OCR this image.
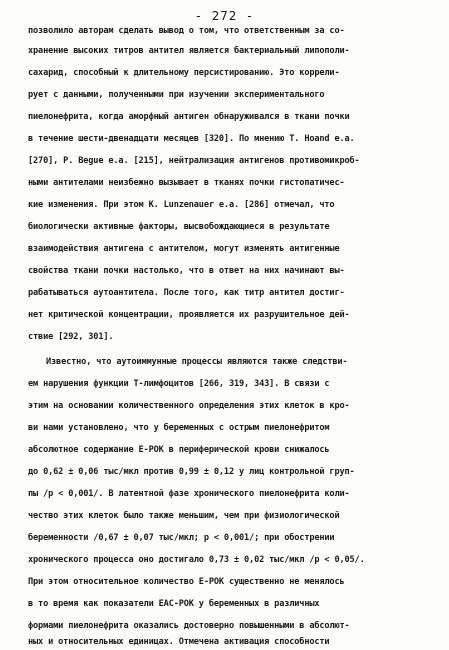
- 272 -
позволило авторам сделать вывод о том, что ответственным за со-
хранение высоких титров антител является бактериальный липополи-
сахарид, способный к длительному персистированию. Это коррели-
рует с данными, полученными при изучении экспериментального
пиелонефрита, когда аморфный антиген обнаруживался в ткани почки
в течение шести-двенадцати месяцев [320]. По мнению T. Hoand e.a.
[270], P. Begue e.a. [215], нейтрализация антигенов противомикроб-
ными антителами неизбежно вызывает в тканях почки гистопатичес-
кие изменения. При этом K. Lunzenauer e.a. [286] отмечал, что
биологически активные факторы, высвобождающиеся в результате
взаимодействия антигена с антителом, могут изменять антигенные
свойства ткани почки настолько, что в ответ на них начинают вы-
рабатываться аутоантитела. После того, как титр антител достиг-
нет критической концентрации, проявляется их разрушительное дей-
ствие [292, 301].
Известно, что аутоиммунные процессы являются также следстви-
ем нарушения функции Т-лимфоцитов [266, 319, 343]. В связи с
этим на основании количественного определения этих клеток в кро-
ви нами установлено, что у беременных с острым пиелонефритом
абсолютное содержание Е-РОК в периферической крови снижалось
до 0,62 ± 0,06 тыс/мкл против 0,99 ± 0,12 у лиц контрольной груп-
пы /р < 0,001/. В латентной фазе хронического пиелонефрита коли-
чество этих клеток было также меньшим, чем при физиологической
беременности /0,67 ± 0,07 тыс/мкл; р < 0,001/; при обострении
хронического процесса оно достигало 0,73 ± 0,02 тыс/мкл /р < 0,05/.
При этом относительное количество Е-РОК существенно не менялось
в то время как показатели ЕАС-РОК у беременных в различных
формами пиелонефрита оказались достоверно повышенными в абсолют-
ных и относительных единицах. Отмечена активация способности
